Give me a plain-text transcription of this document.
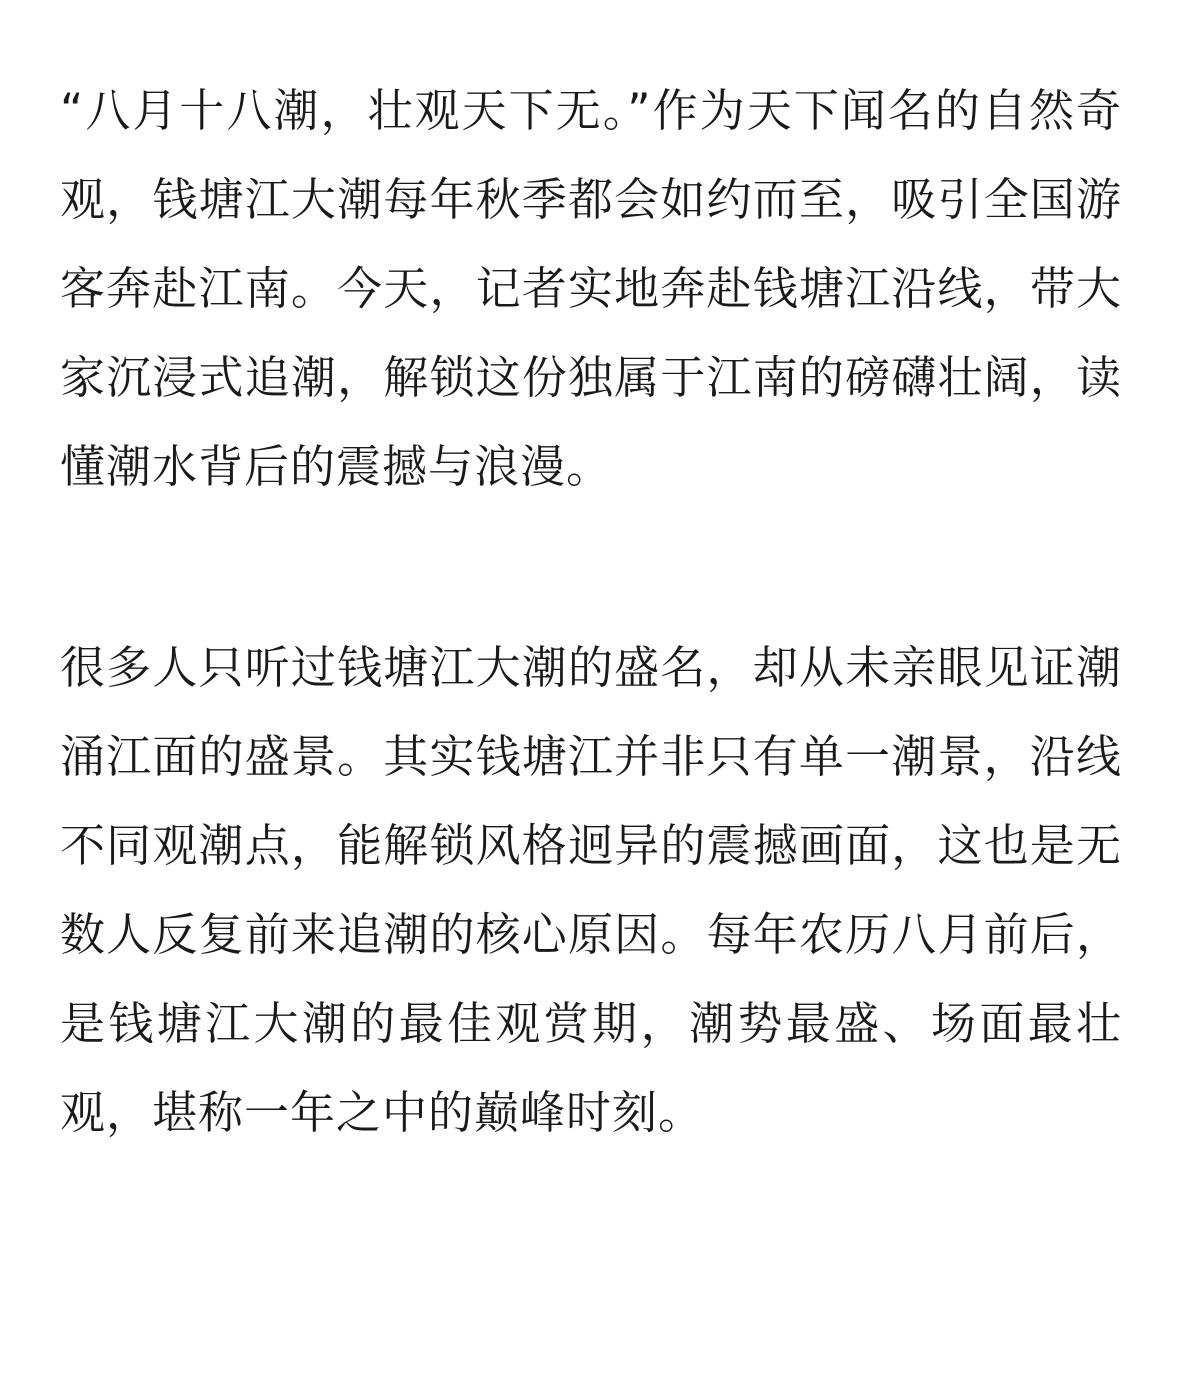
“八月十八潮，壮观天下无。”作为天下闻名的自然奇观，钱塘江大潮每年秋季都会如约而至，吸引全国游客奔赴江南。今天，记者实地奔赴钱塘江沿线，带大家沉浸式追潮，解锁这份独属于江南的磅礴壮阔，读懂潮水背后的震撼与浪漫。

很多人只听过钱塘江大潮的盛名，却从未亲眼见证潮涌江面的盛景。其实钱塘江并非只有单一潮景，沿线不同观潮点，能解锁风格迥异的震撼画面，这也是无数人反复前来追潮的核心原因。每年农历八月前后，是钱塘江大潮的最佳观赏期，潮势最盛、场面最壮观，堪称一年之中的巅峰时刻。
